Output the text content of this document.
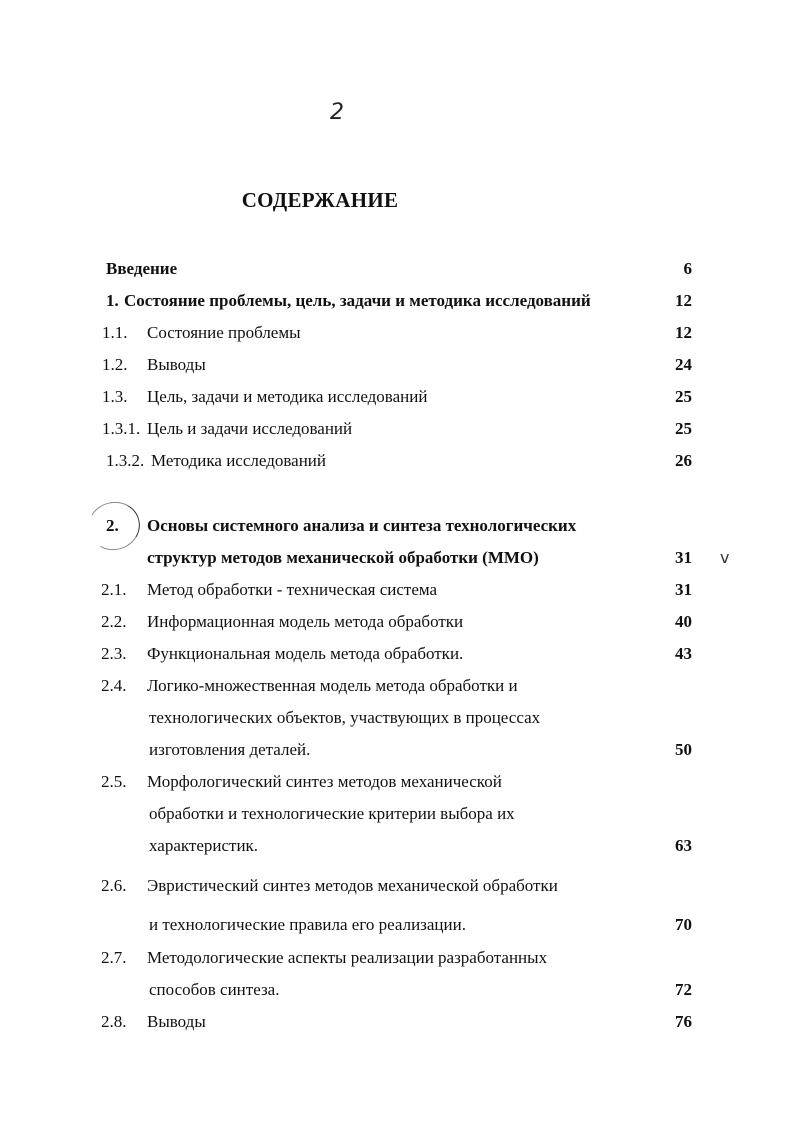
2
СОДЕРЖАНИЕ
v
Введение	6
1. Состояние проблемы, цель, задачи и методика исследований	12
1.1. Состояние проблемы	12
1.2. Выводы	24
1.3. Цель, задачи и методика исследований	25
1.3.1. Цель и задачи исследований	25
1.3.2. Методика исследований	26
2. Основы системного анализа и синтеза технологических
структур методов механической обработки (ММО)	31
2.1. Метод обработки - техническая система	31
2.2. Информационная модель метода обработки	40
2.3. Функциональная модель метода обработки.	43
2.4. Логико-множественная модель метода обработки и
технологических объектов, участвующих в процессах
изготовления деталей.	50
2.5. Морфологический синтез методов механической
обработки и технологические критерии выбора их
характеристик.	63
2.6. Эвристический синтез методов механической обработки
и технологические правила его реализации.	70
2.7. Методологические аспекты реализации разработанных
способов синтеза.	72
2.8. Выводы	76
